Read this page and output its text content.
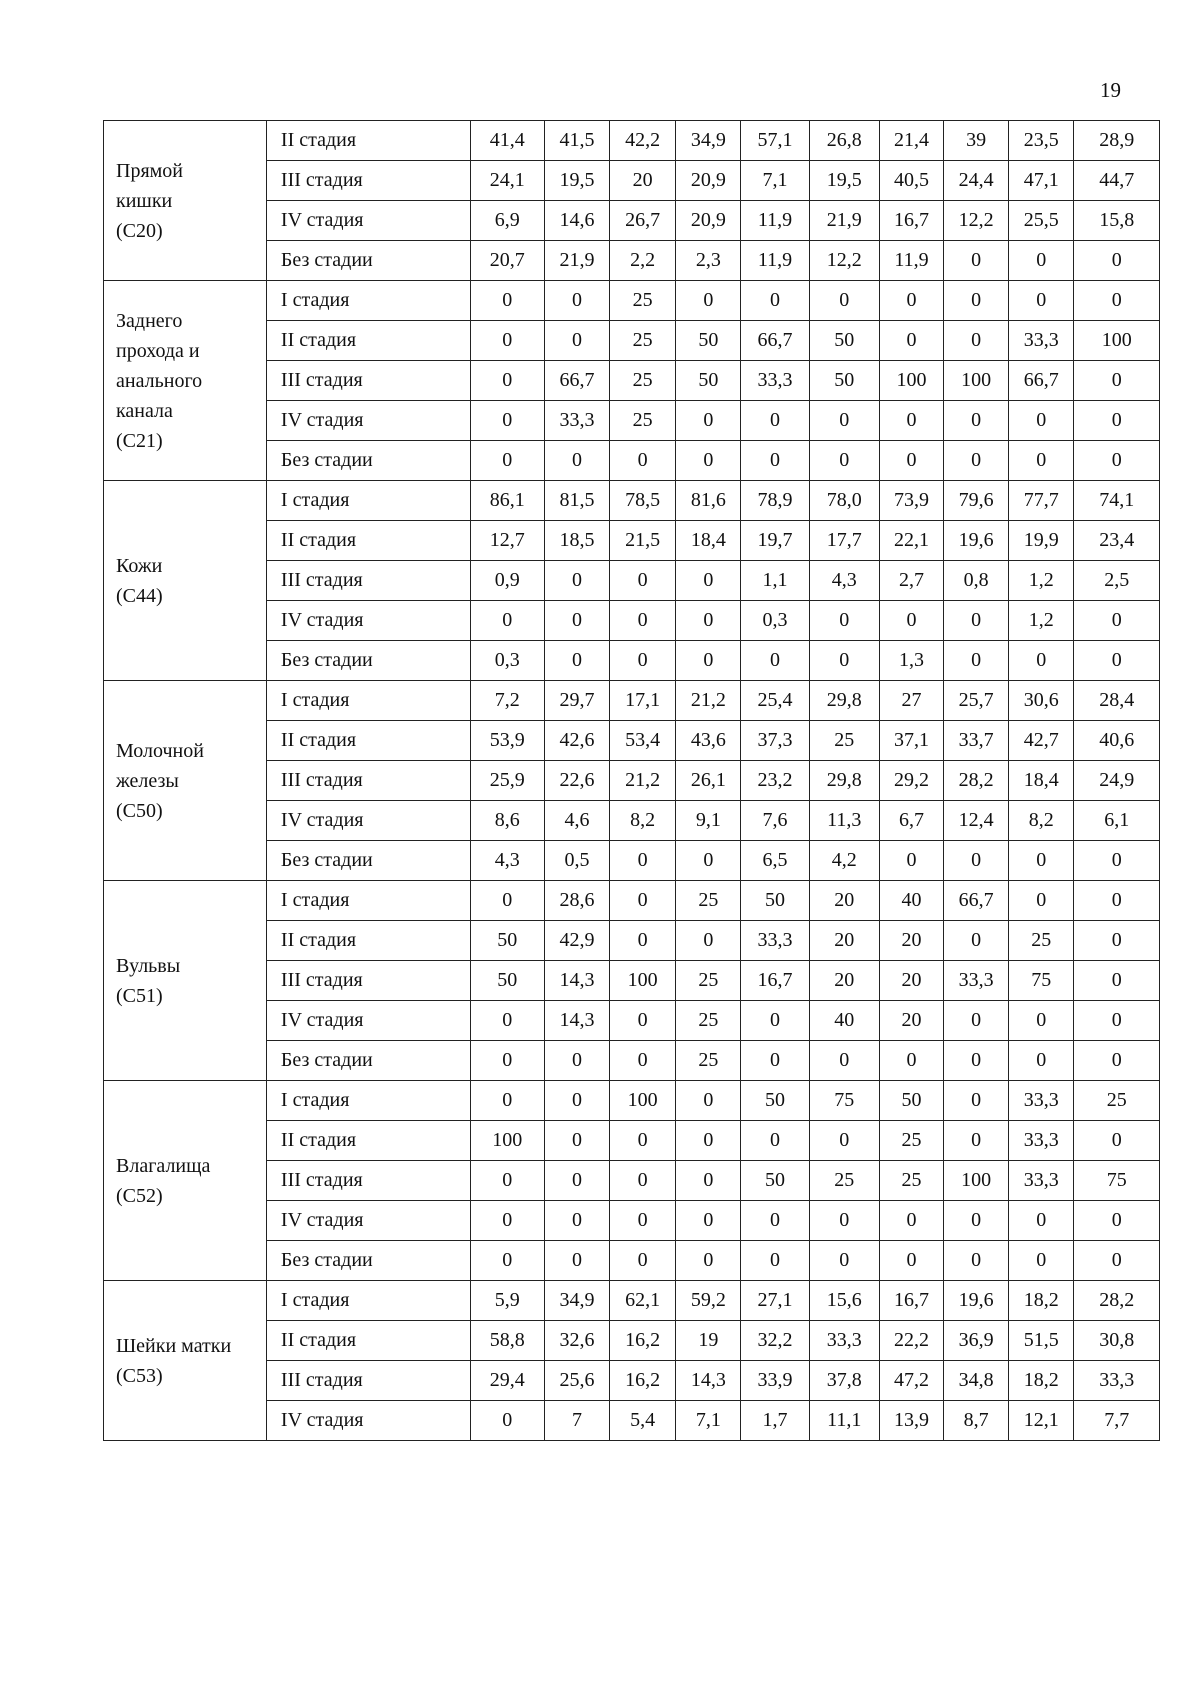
19
Прямой
кишки
(С20)	II стадия	41,4	41,5	42,2	34,9	57,1	26,8	21,4	39	23,5	28,9
	III стадия	24,1	19,5	20	20,9	7,1	19,5	40,5	24,4	47,1	44,7
	IV стадия	6,9	14,6	26,7	20,9	11,9	21,9	16,7	12,2	25,5	15,8
	Без стадии	20,7	21,9	2,2	2,3	11,9	12,2	11,9	0	0	0

Заднего
прохода и
анального
канала
(С21)	I стадия	0	0	25	0	0	0	0	0	0	0
	II стадия	0	0	25	50	66,7	50	0	0	33,3	100
	III стадия	0	66,7	25	50	33,3	50	100	100	66,7	0
	IV стадия	0	33,3	25	0	0	0	0	0	0	0
	Без стадии	0	0	0	0	0	0	0	0	0	0

Кожи
(С44)	I стадия	86,1	81,5	78,5	81,6	78,9	78,0	73,9	79,6	77,7	74,1
	II стадия	12,7	18,5	21,5	18,4	19,7	17,7	22,1	19,6	19,9	23,4
	III стадия	0,9	0	0	0	1,1	4,3	2,7	0,8	1,2	2,5
	IV стадия	0	0	0	0	0,3	0	0	0	1,2	0
	Без стадии	0,3	0	0	0	0	0	1,3	0	0	0

Молочной
железы
(С50)	I стадия	7,2	29,7	17,1	21,2	25,4	29,8	27	25,7	30,6	28,4
	II стадия	53,9	42,6	53,4	43,6	37,3	25	37,1	33,7	42,7	40,6
	III стадия	25,9	22,6	21,2	26,1	23,2	29,8	29,2	28,2	18,4	24,9
	IV стадия	8,6	4,6	8,2	9,1	7,6	11,3	6,7	12,4	8,2	6,1
	Без стадии	4,3	0,5	0	0	6,5	4,2	0	0	0	0

Вульвы
(С51)	I стадия	0	28,6	0	25	50	20	40	66,7	0	0
	II стадия	50	42,9	0	0	33,3	20	20	0	25	0
	III стадия	50	14,3	100	25	16,7	20	20	33,3	75	0
	IV стадия	0	14,3	0	25	0	40	20	0	0	0
	Без стадии	0	0	0	25	0	0	0	0	0	0

Влагалища
(С52)	I стадия	0	0	100	0	50	75	50	0	33,3	25
	II стадия	100	0	0	0	0	0	25	0	33,3	0
	III стадия	0	0	0	0	50	25	25	100	33,3	75
	IV стадия	0	0	0	0	0	0	0	0	0	0
	Без стадии	0	0	0	0	0	0	0	0	0	0

Шейки матки
(С53)	I стадия	5,9	34,9	62,1	59,2	27,1	15,6	16,7	19,6	18,2	28,2
	II стадия	58,8	32,6	16,2	19	32,2	33,3	22,2	36,9	51,5	30,8
	III стадия	29,4	25,6	16,2	14,3	33,9	37,8	47,2	34,8	18,2	33,3
	IV стадия	0	7	5,4	7,1	1,7	11,1	13,9	8,7	12,1	7,7
